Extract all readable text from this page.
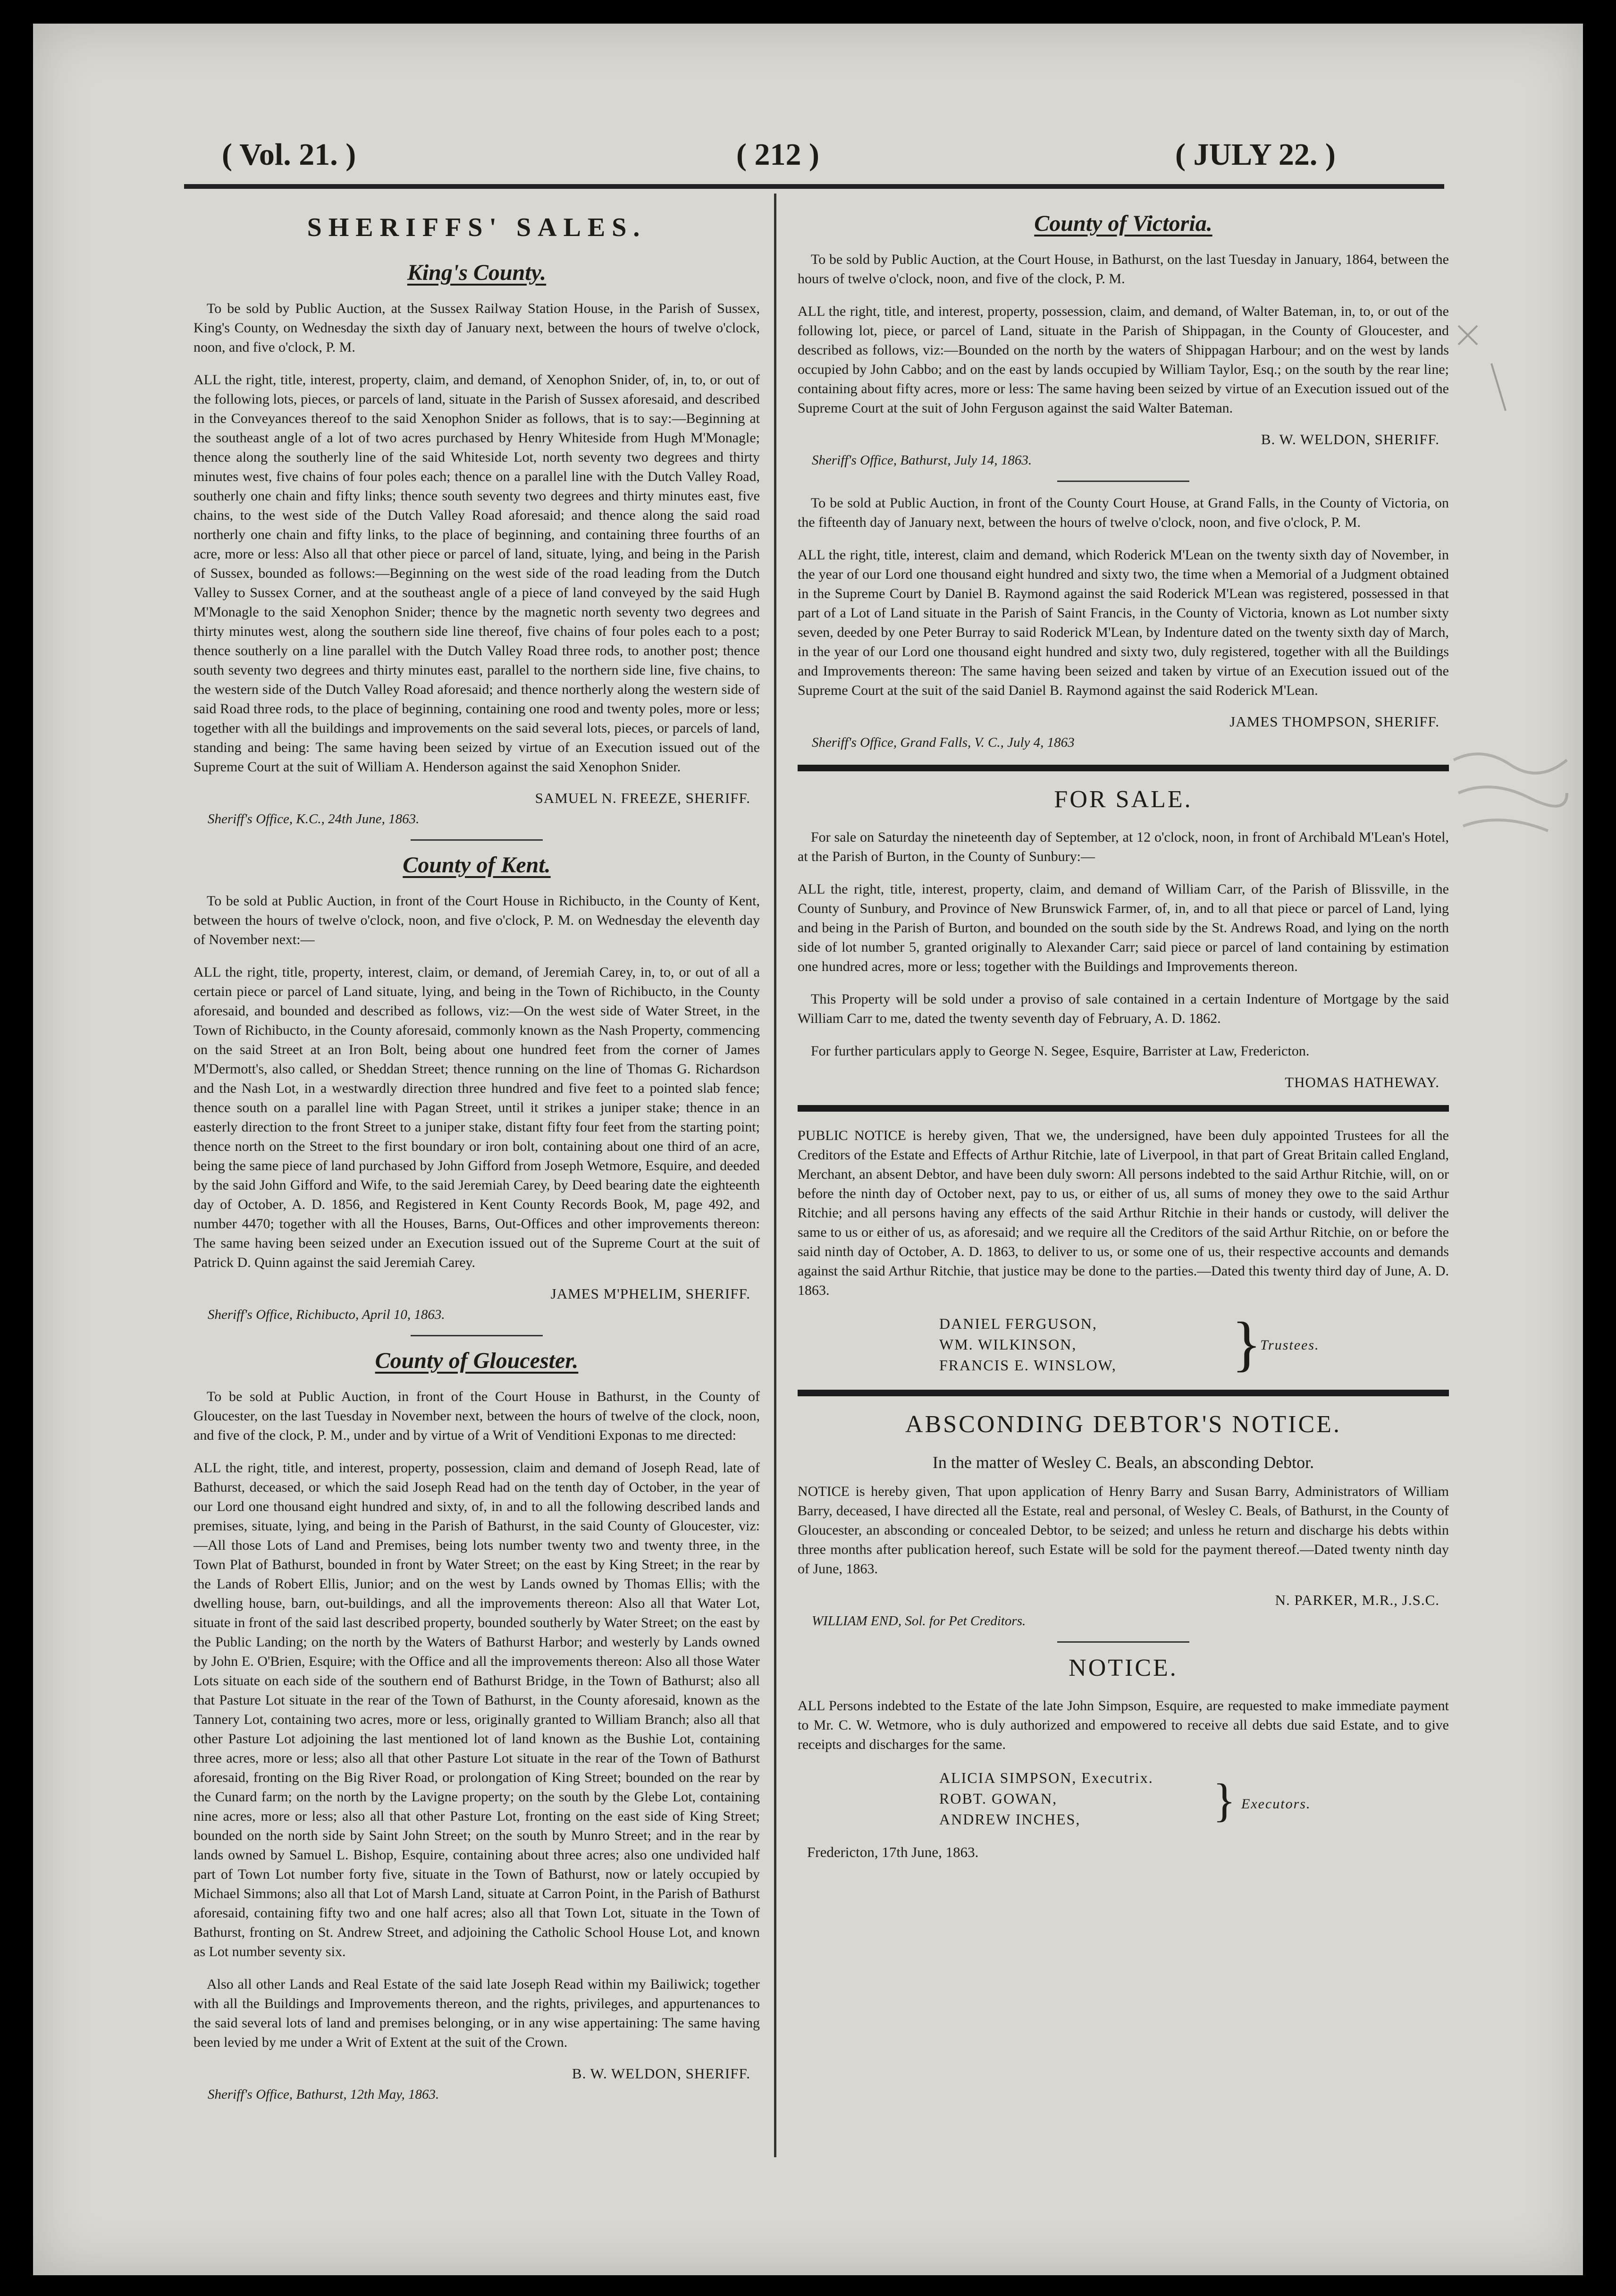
( Vol. 21. )	( 212 )	( JULY 22. )
SHERIFFS' SALES.
King's County.

To be sold by Public Auction, at the Sussex Railway Station House, in the Parish of Sussex, King's County, on Wednesday the sixth day of January next, between the hours of twelve o'clock, noon, and five o'clock, P. M.

ALL the right, title, interest, property, claim, and demand, of Xenophon Snider, of, in, to, or out of the following lots, pieces, or parcels of land, situate in the Parish of Sussex aforesaid, and described in the Conveyances thereof to the said Xenophon Snider as follows, that is to say:—Beginning at the southeast angle of a lot of two acres purchased by Henry Whiteside from Hugh M'Monagle; thence along the southerly line of the said Whiteside Lot, north seventy two degrees and thirty minutes west, five chains of four poles each; thence on a parallel line with the Dutch Valley Road, southerly one chain and fifty links; thence south seventy two degrees and thirty minutes east, five chains, to the west side of the Dutch Valley Road aforesaid; and thence along the said road northerly one chain and fifty links, to the place of beginning, and containing three fourths of an acre, more or less: Also all that other piece or parcel of land, situate, lying, and being in the Parish of Sussex, bounded as follows:—Beginning on the west side of the road leading from the Dutch Valley to Sussex Corner, and at the southeast angle of a piece of land conveyed by the said Hugh M'Monagle to the said Xenophon Snider; thence by the magnetic north seventy two degrees and thirty minutes west, along the southern side line thereof, five chains of four poles each to a post; thence southerly on a line parallel with the Dutch Valley Road three rods, to another post; thence south seventy two degrees and thirty minutes east, parallel to the northern side line, five chains, to the western side of the Dutch Valley Road aforesaid; and thence northerly along the western side of said Road three rods, to the place of beginning, containing one rood and twenty poles, more or less; together with all the buildings and improvements on the said several lots, pieces, or parcels of land, standing and being: The same having been seized by virtue of an Execution issued out of the Supreme Court at the suit of William A. Henderson against the said Xenophon Snider.

SAMUEL N. FREEZE, SHERIFF.
Sheriff's Office, K.C., 24th June, 1863.
County of Kent.

To be sold at Public Auction, in front of the Court House in Richibucto, in the County of Kent, between the hours of twelve o'clock, noon, and five o'clock, P. M. on Wednesday the eleventh day of November next:—

ALL the right, title, property, interest, claim, or demand, of Jeremiah Carey, in, to, or out of all a certain piece or parcel of Land situate, lying, and being in the Town of Richibucto, in the County aforesaid, and bounded and described as follows, viz:—On the west side of Water Street, in the Town of Richibucto, in the County aforesaid, commonly known as the Nash Property, commencing on the said Street at an Iron Bolt, being about one hundred feet from the corner of James M'Dermott's, also called, or Sheddan Street; thence running on the line of Thomas G. Richardson and the Nash Lot, in a westwardly direction three hundred and five feet to a pointed slab fence; thence south on a parallel line with Pagan Street, until it strikes a juniper stake; thence in an easterly direction to the front Street to a juniper stake, distant fifty four feet from the starting point; thence north on the Street to the first boundary or iron bolt, containing about one third of an acre, being the same piece of land purchased by John Gifford from Joseph Wetmore, Esquire, and deeded by the said John Gifford and Wife, to the said Jeremiah Carey, by Deed bearing date the eighteenth day of October, A. D. 1856, and Registered in Kent County Records Book, M, page 492, and number 4470; together with all the Houses, Barns, Out-Offices and other improvements thereon: The same having been seized under an Execution issued out of the Supreme Court at the suit of Patrick D. Quinn against the said Jeremiah Carey.

JAMES M'PHELIM, SHERIFF.
Sheriff's Office, Richibucto, April 10, 1863.
County of Gloucester.

To be sold at Public Auction, in front of the Court House in Bathurst, in the County of Gloucester, on the last Tuesday in November next, between the hours of twelve of the clock, noon, and five of the clock, P. M., under and by virtue of a Writ of Venditioni Exponas to me directed:

ALL the right, title, and interest, property, possession, claim and demand of Joseph Read, late of Bathurst, deceased, or which the said Joseph Read had on the tenth day of October, in the year of our Lord one thousand eight hundred and sixty, of, in and to all the following described lands and premises, situate, lying, and being in the Parish of Bathurst, in the said County of Gloucester, viz:—All those Lots of Land and Premises, being lots number twenty two and twenty three, in the Town Plat of Bathurst, bounded in front by Water Street; on the east by King Street; in the rear by the Lands of Robert Ellis, Junior; and on the west by Lands owned by Thomas Ellis; with the dwelling house, barn, out-buildings, and all the improvements thereon: Also all that Water Lot, situate in front of the said last described property, bounded southerly by Water Street; on the east by the Public Landing; on the north by the Waters of Bathurst Harbor; and westerly by Lands owned by John E. O'Brien, Esquire; with the Office and all the improvements thereon: Also all those Water Lots situate on each side of the southern end of Bathurst Bridge, in the Town of Bathurst; also all that Pasture Lot situate in the rear of the Town of Bathurst, in the County aforesaid, known as the Tannery Lot, containing two acres, more or less, originally granted to William Branch; also all that other Pasture Lot adjoining the last mentioned lot of land known as the Bushie Lot, containing three acres, more or less; also all that other Pasture Lot situate in the rear of the Town of Bathurst aforesaid, fronting on the Big River Road, or prolongation of King Street; bounded on the rear by the Cunard farm; on the north by the Lavigne property; on the south by the Glebe Lot, containing nine acres, more or less; also all that other Pasture Lot, fronting on the east side of King Street; bounded on the north side by Saint John Street; on the south by Munro Street; and in the rear by lands owned by Samuel L. Bishop, Esquire, containing about three acres; also one undivided half part of Town Lot number forty five, situate in the Town of Bathurst, now or lately occupied by Michael Simmons; also all that Lot of Marsh Land, situate at Carron Point, in the Parish of Bathurst aforesaid, containing fifty two and one half acres; also all that Town Lot, situate in the Town of Bathurst, fronting on St. Andrew Street, and adjoining the Catholic School House Lot, and known as Lot number seventy six.

Also all other Lands and Real Estate of the said late Joseph Read within my Bailiwick; together with all the Buildings and Improvements thereon, and the rights, privileges, and appurtenances to the said several lots of land and premises belonging, or in any wise appertaining: The same having been levied by me under a Writ of Extent at the suit of the Crown.

B. W. WELDON, SHERIFF.
Sheriff's Office, Bathurst, 12th May, 1863.
County of Victoria.

To be sold by Public Auction, at the Court House, in Bathurst, on the last Tuesday in January, 1864, between the hours of twelve o'clock, noon, and five of the clock, P. M.

ALL the right, title, and interest, property, possession, claim, and demand, of Walter Bateman, in, to, or out of the following lot, piece, or parcel of Land, situate in the Parish of Shippagan, in the County of Gloucester, and described as follows, viz:—Bounded on the north by the waters of Shippagan Harbour; and on the west by lands occupied by John Cabbo; and on the east by lands occupied by William Taylor, Esq.; on the south by the rear line; containing about fifty acres, more or less: The same having been seized by virtue of an Execution issued out of the Supreme Court at the suit of John Ferguson against the said Walter Bateman.

B. W. WELDON, SHERIFF.
Sheriff's Office, Bathurst, July 14, 1863.

To be sold at Public Auction, in front of the County Court House, at Grand Falls, in the County of Victoria, on the fifteenth day of January next, between the hours of twelve o'clock, noon, and five o'clock, P. M.

ALL the right, title, interest, claim and demand, which Roderick M'Lean on the twenty sixth day of November, in the year of our Lord one thousand eight hundred and sixty two, the time when a Memorial of a Judgment obtained in the Supreme Court by Daniel B. Raymond against the said Roderick M'Lean was registered, possessed in that part of a Lot of Land situate in the Parish of Saint Francis, in the County of Victoria, known as Lot number sixty seven, deeded by one Peter Burray to said Roderick M'Lean, by Indenture dated on the twenty sixth day of March, in the year of our Lord one thousand eight hundred and sixty two, duly registered, together with all the Buildings and Improvements thereon: The same having been seized and taken by virtue of an Execution issued out of the Supreme Court at the suit of the said Daniel B. Raymond against the said Roderick M'Lean.

JAMES THOMPSON, SHERIFF.
Sheriff's Office, Grand Falls, V. C., July 4, 1863
FOR SALE.

For sale on Saturday the nineteenth day of September, at 12 o'clock, noon, in front of Archibald M'Lean's Hotel, at the Parish of Burton, in the County of Sunbury:—

ALL the right, title, interest, property, claim, and demand of William Carr, of the Parish of Blissville, in the County of Sunbury, and Province of New Brunswick Farmer, of, in, and to all that piece or parcel of Land, lying and being in the Parish of Burton, and bounded on the south side by the St. Andrews Road, and lying on the north side of lot number 5, granted originally to Alexander Carr; said piece or parcel of land containing by estimation one hundred acres, more or less; together with the Buildings and Improvements thereon.

This Property will be sold under a proviso of sale contained in a certain Indenture of Mortgage by the said William Carr to me, dated the twenty seventh day of February, A. D. 1862.

For further particulars apply to George N. Segee, Esquire, Barrister at Law, Fredericton.

THOMAS HATHEWAY.

PUBLIC NOTICE is hereby given, That we, the undersigned, have been duly appointed Trustees for all the Creditors of the Estate and Effects of Arthur Ritchie, late of Liverpool, in that part of Great Britain called England, Merchant, an absent Debtor, and have been duly sworn: All persons indebted to the said Arthur Ritchie, will, on or before the ninth day of October next, pay to us, or either of us, all sums of money they owe to the said Arthur Ritchie; and all persons having any effects of the said Arthur Ritchie in their hands or custody, will deliver the same to us or either of us, as aforesaid; and we require all the Creditors of the said Arthur Ritchie, on or before the said ninth day of October, A. D. 1863, to deliver to us, or some one of us, their respective accounts and demands against the said Arthur Ritchie, that justice may be done to the parties.—Dated this twenty third day of June, A. D. 1863.

DANIEL FERGUSON,
WM. WILKINSON,
FRANCIS E. WINSLOW,	}
Trustees.
ABSCONDING DEBTOR'S NOTICE.
In the matter of Wesley C. Beals, an absconding Debtor.

NOTICE is hereby given, That upon application of Henry Barry and Susan Barry, Administrators of William Barry, deceased, I have directed all the Estate, real and personal, of Wesley C. Beals, of Bathurst, in the County of Gloucester, an absconding or concealed Debtor, to be seized; and unless he return and discharge his debts within three months after publication hereof, such Estate will be sold for the payment thereof.—Dated twenty ninth day of June, 1863.

N. PARKER, M.R., J.S.C.
WILLIAM END, Sol. for Pet Creditors.
NOTICE.

ALL Persons indebted to the Estate of the late John Simpson, Esquire, are requested to make immediate payment to Mr. C. W. Wetmore, who is duly authorized and empowered to receive all debts due said Estate, and to give receipts and discharges for the same.

ALICIA SIMPSON, Executrix.
ROBT. GOWAN,
ANDREW INCHES,	} Executors.
Fredericton, 17th June, 1863.
